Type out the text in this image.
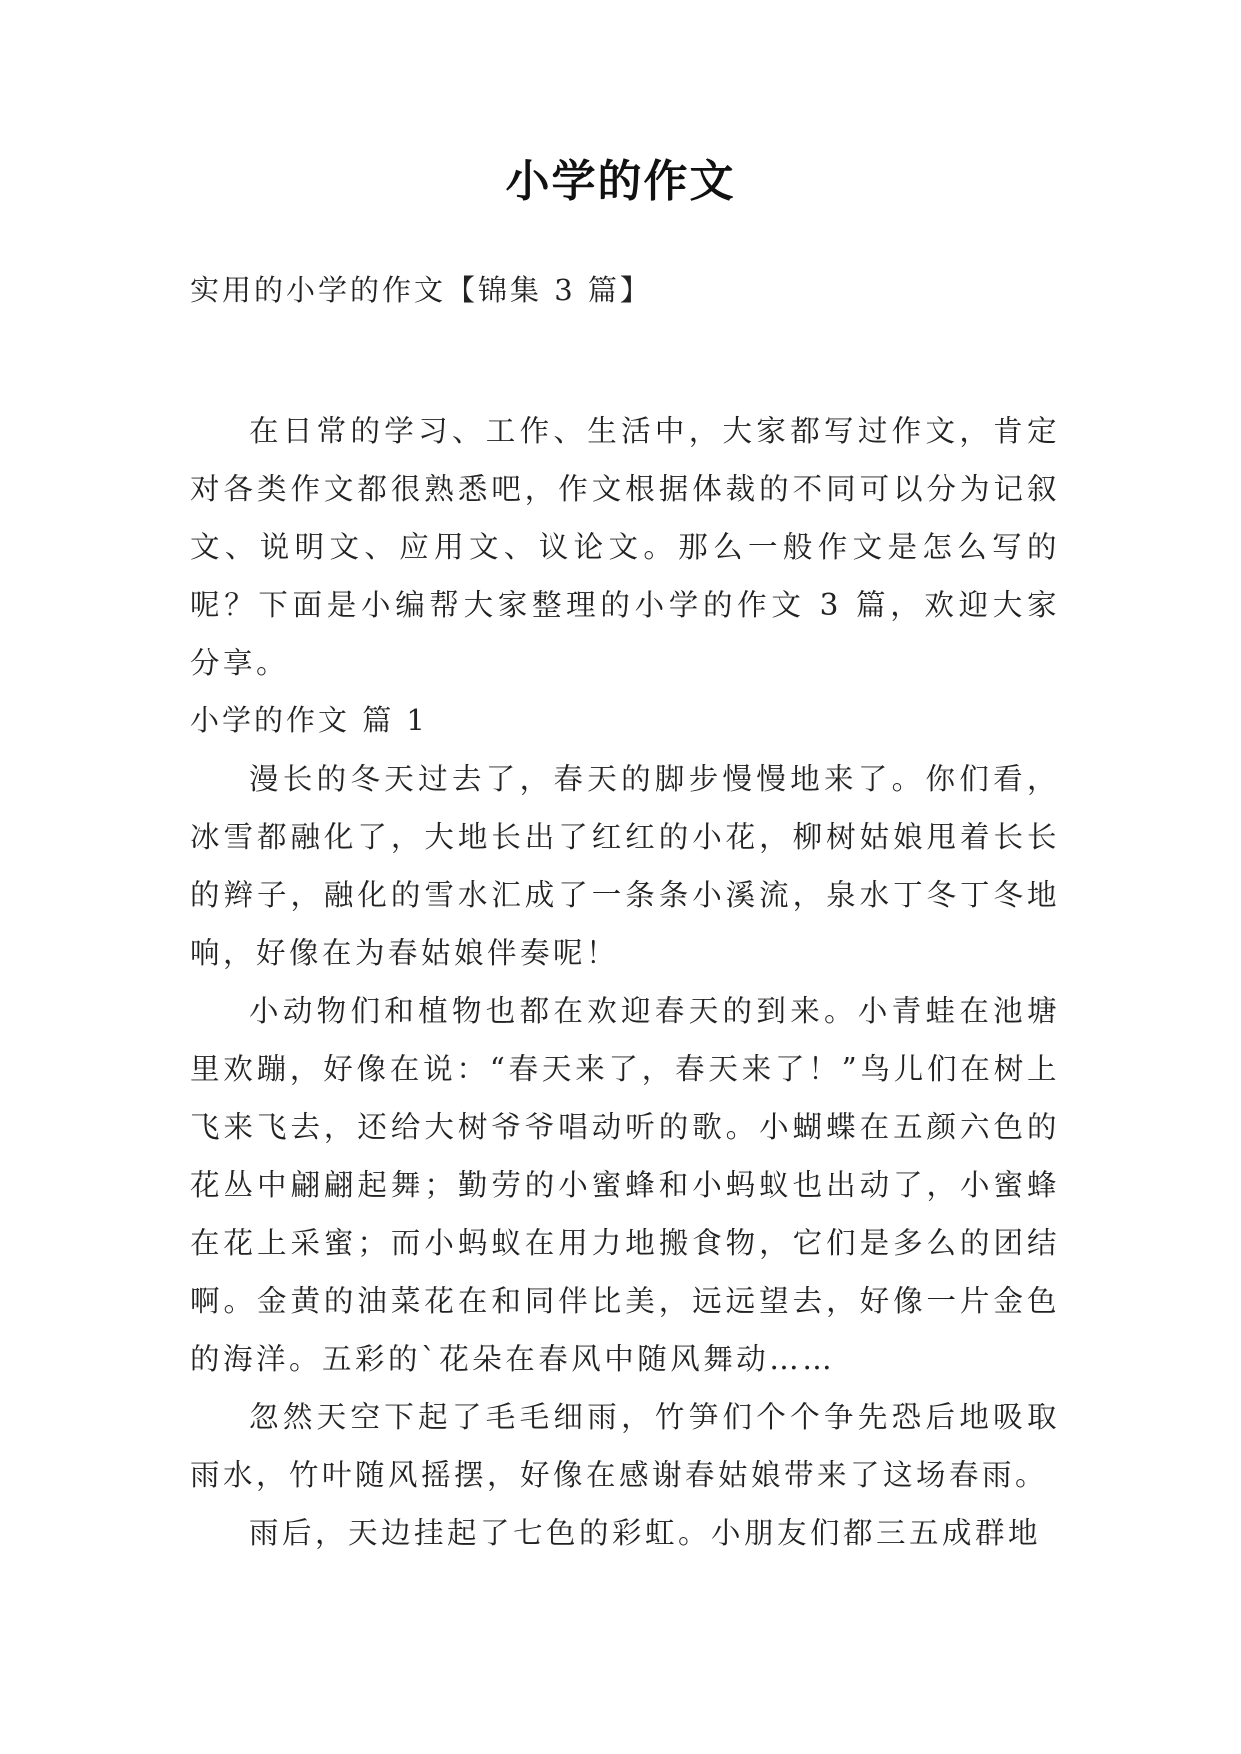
小学的作文
实用的小学的作文【锦集 3 篇】

在日常的学习、工作、生活中，大家都写过作文，肯定对各类作文都很熟悉吧，作文根据体裁的不同可以分为记叙文、说明文、应用文、议论文。那么一般作文是怎么写的呢？下面是小编帮大家整理的小学的作文 3 篇，欢迎大家分享。

小学的作文 篇 1

漫长的冬天过去了，春天的脚步慢慢地来了。你们看，冰雪都融化了，大地长出了红红的小花，柳树姑娘甩着长长的辫子，融化的雪水汇成了一条条小溪流，泉水丁冬丁冬地响，好像在为春姑娘伴奏呢！

小动物们和植物也都在欢迎春天的到来。小青蛙在池塘里欢蹦，好像在说：“春天来了，春天来了！”鸟儿们在树上飞来飞去，还给大树爷爷唱动听的歌。小蝴蝶在五颜六色的花丛中翩翩起舞；勤劳的小蜜蜂和小蚂蚁也出动了，小蜜蜂在花上采蜜；而小蚂蚁在用力地搬食物，它们是多么的团结啊。金黄的油菜花在和同伴比美，远远望去，好像一片金色的海洋。五彩的`花朵在春风中随风舞动……

忽然天空下起了毛毛细雨，竹笋们个个争先恐后地吸取雨水，竹叶随风摇摆，好像在感谢春姑娘带来了这场春雨。

雨后，天边挂起了七色的彩虹。小朋友们都三五成群地
